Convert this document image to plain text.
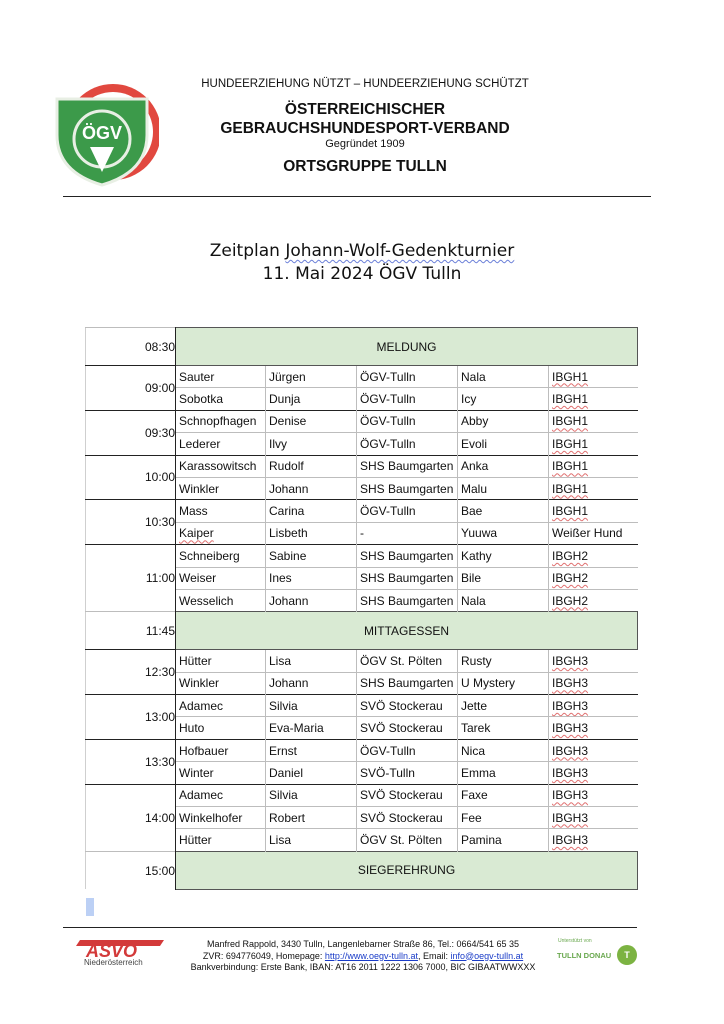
ÖGV
HUNDEERZIEHUNG NÜTZT – HUNDEERZIEHUNG SCHÜTZT
ÖSTERREICHISCHER
GEBRAUCHSHUNDESPORT-VERBAND
Gegründet 1909
ORTSGRUPPE TULLN
Zeitplan Johann-Wolf-Gedenkturnier
11. Mai 2024 ÖGV Tulln
08:30	MELDUNG				
09:00	Sauter	Jürgen	ÖGV-Tulln	Nala	IBGH1
	Sobotka	Dunja	ÖGV-Tulln	Icy	IBGH1
09:30	Schnopfhagen	Denise	ÖGV-Tulln	Abby	IBGH1
	Lederer	Ilvy	ÖGV-Tulln	Evoli	IBGH1
10:00	Karassowitsch	Rudolf	SHS Baumgarten	Anka	IBGH1
	Winkler	Johann	SHS Baumgarten	Malu	IBGH1
10:30	Mass	Carina	ÖGV-Tulln	Bae	IBGH1
	Kaiper	Lisbeth	-	Yuuwa	Weißer Hund
11:00	Schneiberg	Sabine	SHS Baumgarten	Kathy	IBGH2
	Weiser	Ines	SHS Baumgarten	Bile	IBGH2
	Wesselich	Johann	SHS Baumgarten	Nala	IBGH2
11:45	MITTAGESSEN				
12:30	Hütter	Lisa	ÖGV St. Pölten	Rusty	IBGH3
	Winkler	Johann	SHS Baumgarten	U Mystery	IBGH3
13:00	Adamec	Silvia	SVÖ Stockerau	Jette	IBGH3
	Huto	Eva-Maria	SVÖ Stockerau	Tarek	IBGH3
13:30	Hofbauer	Ernst	ÖGV-Tulln	Nica	IBGH3
	Winter	Daniel	SVÖ-Tulln	Emma	IBGH3
14:00	Adamec	Silvia	SVÖ Stockerau	Faxe	IBGH3
	Winkelhofer	Robert	SVÖ Stockerau	Fee	IBGH3
	Hütter	Lisa	ÖGV St. Pölten	Pamina	IBGH3
15:00	SIEGEREHRUNG				
ASVÖ
Niederösterreich
Manfred Rappold, 3430 Tulln, Langenlebarner Straße 86, Tel.: 0664/541 65 35
ZVR: 694776049, Homepage: http://www.oegv-tulln.at, Email: info@oegv-tulln.at
Bankverbindung: Erste Bank, IBAN: AT16 2011 1222 1306 7000, BIC GIBAATWWXXX
Unterstützt von
TULLN DONAU	T
